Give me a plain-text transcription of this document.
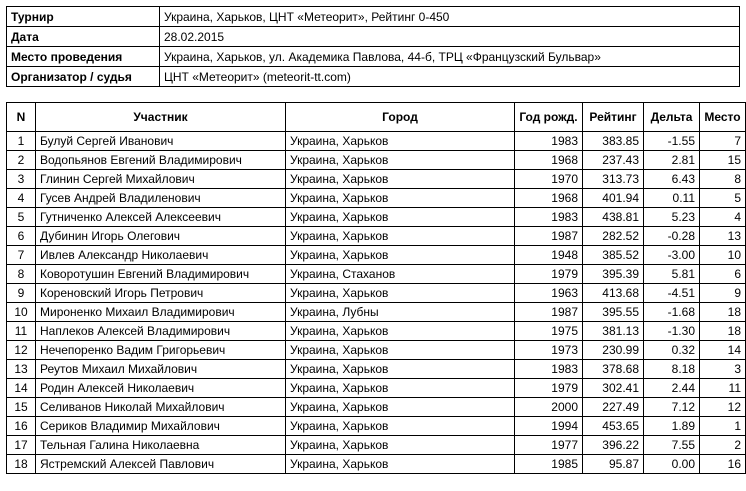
Турнир	Украина, Харьков, ЦНТ «Метеорит», Рейтинг 0-450
Дата	28.02.2015
Место проведения	Украина, Харьков, ул. Академика Павлова, 44-б, ТРЦ «Французский Бульвар»
Организатор / судья	ЦНТ «Метеорит» (meteorit-tt.com)
N	Участник	Город	Год рожд.	Рейтинг	Дельта	Место
1	Булуй Сергей Иванович	Украина, Харьков	1983	383.85	-1.55	7
2	Водопьянов Евгений Владимирович	Украина, Харьков	1968	237.43	2.81	15
3	Глинин Сергей Михайлович	Украина, Харьков	1970	313.73	6.43	8
4	Гусев Андрей Владиленович	Украина, Харьков	1968	401.94	0.11	5
5	Гутниченко Алексей Алексеевич	Украина, Харьков	1983	438.81	5.23	4
6	Дубинин Игорь Олегович	Украина, Харьков	1987	282.52	-0.28	13
7	Ивлев Александр Николаевич	Украина, Харьков	1948	385.52	-3.00	10
8	Коворотушин Евгений Владимирович	Украина, Стаханов	1979	395.39	5.81	6
9	Кореновский Игорь Петрович	Украина, Харьков	1963	413.68	-4.51	9
10	Мироненко Михаил Владимирович	Украина, Лубны	1987	395.55	-1.68	18
11	Наплеков Алексей Владимирович	Украина, Харьков	1975	381.13	-1.30	18
12	Нечепоренко Вадим Григорьевич	Украина, Харьков	1973	230.99	0.32	14
13	Реутов Михаил Михайлович	Украина, Харьков	1983	378.68	8.18	3
14	Родин Алексей Николаевич	Украина, Харьков	1979	302.41	2.44	11
15	Селиванов Николай Михайлович	Украина, Харьков	2000	227.49	7.12	12
16	Сериков Владимир Михайлович	Украина, Харьков	1994	453.65	1.89	1
17	Тельная Галина Николаевна	Украина, Харьков	1977	396.22	7.55	2
18	Ястремский Алексей Павлович	Украина, Харьков	1985	95.87	0.00	16
